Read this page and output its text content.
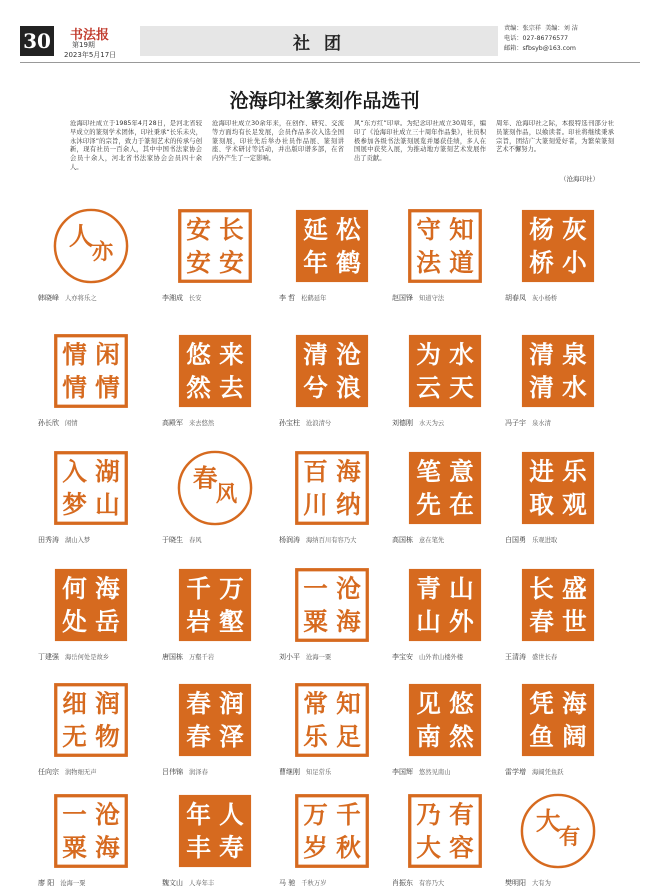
30 书法报
第19期
2023年5月17日
社 团
责编：张宗祥 美编：刘 洁
电话：027-86776577
邮箱：sfbsyb@163.com
沧海印社篆刻作品选刊
沧海印社成立于1985年4月28日，是河北省较早成立的篆刻学术团体，印社秉承“长乐未央，永沐印泽”的宗旨，致力于篆刻艺术的传承与创新，现有社员一百余人，其中中国书法家协会会员十余人，河北省书法家协会会员四十余人。
沧海印社成立30余年来，在创作、研究、交流等方面均有长足发展，会员作品多次入选全国篆刻展，印社先后举办社员作品展、篆刻讲座、学术研讨等活动，并出版印谱多部，在省内外产生了一定影响。
风“东方红”印章。为纪念印社成立30周年，编印了《沧海印社成立三十周年作品集》，社员积极参加各级书法篆刻展览并屡获佳绩，多人在国展中获奖入展，为推动地方篆刻艺术发展作出了贡献。
周年、沧海印社之际，本报特选刊部分社员篆刻作品，以飨读者。印社将继续秉承宗旨，团结广大篆刻爱好者，为繁荣篆刻艺术不懈努力。
（沧海印社）
人
亦
韩晓峰 人亦将乐之
长
安
安
安
李湘成 长安
松
鹤
延
年
李 哲 松鹤延年
知
道
守
法
赵国锋 知道守法
灰
小
杨
桥
胡春凤 灰小杨桥
闲
情
情
情
孙长欣 闲情
来
去
悠
然
高殿军 来去悠然
沧
浪
清
兮
孙宝柱 沧浪清兮
水
天
为
云
刘德刚 水天为云
泉
水
清
清
冯子宇 泉水清
湖
山
入
梦
田秀涛 湖山入梦
春
风
于晓生 春风
海
纳
百
川
杨润涛 海纳百川有容乃大
意
在
笔
先
高国栋 意在笔先
乐
观
进
取
白国勇 乐观进取
海
岳
何
处
丁建强 海岳何处是故乡
万
壑
千
岩
唐国栋 万壑千岩
沧
海
一
粟
刘小平 沧海一粟
山
外
青
山
李宝安 山外青山楼外楼
盛
世
长
春
王清涛 盛世长春
润
物
细
无
任向宗 润物细无声
润
泽
春
春
吕伟锦 润泽春
知
足
常
乐
曹继刚 知足常乐
悠
然
见
南
李国辉 悠然见南山
海
阔
凭
鱼
雷学增 海阔凭鱼跃
沧
海
一
粟
廖 阳 沧海一粟
人
寿
年
丰
魏文山 人寿年丰
千
秋
万
岁
马 驰 千秋万岁
有
容
乃
大
肖振东 有容乃大
大
有
樊明阳 大有为
